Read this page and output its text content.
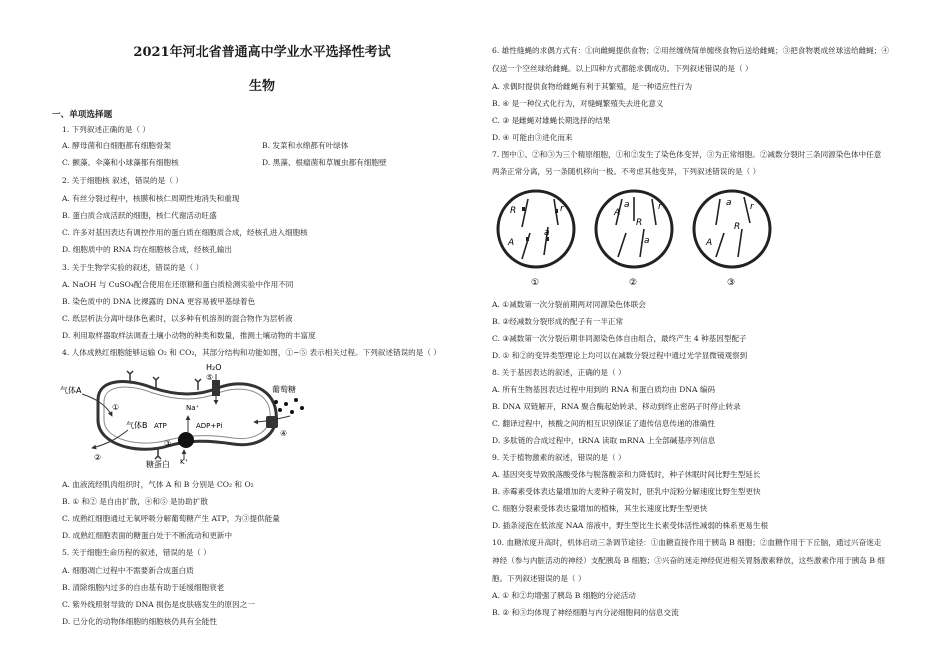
2021年河北省普通高中学业水平选择性考试
生物
一、单项选择题
1. 下列叙述正确的是（ ）
A. 酵母菌和白细胞都有细胞骨架	B. 发菜和水绵都有叶绿体
C. 颤藻、伞藻和小球藻都有细胞核	D. 黑藻、根瘤菌和草履虫都有细胞壁
2. 关于细胞核 叙述，错误的是（ ）
A. 有丝分裂过程中，核膜和核仁周期性地消失和重现
B. 蛋白质合成活跃的细胞，核仁代谢活动旺盛
C. 许多对基因表达有调控作用的蛋白质在细胞质合成，经核孔进入细胞核
D. 细胞质中的 RNA 均在细胞核合成，经核孔输出
3. 关于生物学实验的叙述，错误的是（ ）
A. NaOH 与 CuSO₄配合使用在还原糖和蛋白质检测实验中作用不同
B. 染色质中的 DNA 比裸露的 DNA 更容易被甲基绿着色
C. 纸层析法分离叶绿体色素时，以多种有机溶剂的混合物作为层析液
D. 利用取样器取样法调查土壤小动物的种类和数量，推测土壤动物的丰富度
4. 人体成熟红细胞能够运输 O₂ 和 CO₂，其部分结构和功能如图，①~⑤ 表示相关过程。下列叙述错误的是（ ）
糖蛋白
气体A
①
气体B
②
H₂O
⑤
Na⁺
ATP	ADP+Pi
③
K⁺
④
葡萄糖
A. 血液流经肌肉组织时，气体 A 和 B 分别是 CO₂ 和 O₂
B. ① 和② 是自由扩散，④和⑤ 是协助扩散
C. 成熟红细胞通过无氧呼吸分解葡萄糖产生 ATP，为③提供能量
D. 成熟红细胞表面的糖蛋白处于不断流动和更新中
5. 关于细胞生命历程的叙述，错误的是（ ）
A. 细胞凋亡过程中不需要新合成蛋白质
B. 清除细胞内过多的自由基有助于延缓细胞衰老
C. 紫外线照射导致的 DNA 损伤是皮肤癌发生的原因之一
D. 已分化的动物体细胞的细胞核仍具有全能性
6. 雄性缝蝇的求偶方式有：①向雌蝇提供食物；②用丝缠绕简单缠绕食物后送给雌蝇；③把食物裹成丝球送给雌蝇；④
仅送一个空丝球给雌蝇。以上四种方式都能求偶成功。下列叙述错误的是（ ）
A. 求偶时提供食物给雌蝇有利于其繁殖，是一种适应性行为
B. ④ 是一种仪式化行为，对缝蝇繁殖失去进化意义
C. ③ 是雌蝇对雄蝇长期选择的结果
D. ④ 可能由③进化而来
7. 图中①、②和③为三个精原细胞，①和②发生了染色体变异，③为正常细胞。②减数分裂时三条同源染色体中任意
两条正常分离，另一条随机移向一极。不考虑其他变异，下列叙述错误的是（ ）
R	r
a
A
①
a
A
R
r
a
②
a
R
r
A
③
A. ①减数第一次分裂前期两对同源染色体联会
B. ②经减数分裂形成的配子有一半正常
C. ③减数第一次分裂后期非同源染色体自由组合，最终产生 4 种基因型配子
D. ① 和②的变异类型理论上均可以在减数分裂过程中通过光学显微镜观察到
8. 关于基因表达的叙述，正确的是（ ）
A. 所有生物基因表达过程中用到的 RNA 和蛋白质均由 DNA 编码
B. DNA 双链解开，RNA 聚合酶起始转录、移动到终止密码子时停止转录
C. 翻译过程中，核酸之间的相互识别保证了遗传信息传递的准确性
D. 多肽链的合成过程中，tRNA 读取 mRNA 上全部碱基序列信息
9. 关于植物激素的叙述，错误的是（ ）
A. 基因突变导致脱落酸受体与脱落酸亲和力降低时，种子休眠时间比野生型延长
B. 赤霉素受体表达量增加的大麦种子萌发时，胚乳中淀粉分解速度比野生型更快
C. 细胞分裂素受体表达量增加的植株，其生长速度比野生型更快
D. 插条浸泡在低浓度 NAA 溶液中，野生型比生长素受体活性减弱的株系更易生根
10. 血糖浓度升高时，机体启动三条调节途径：①血糖直接作用于胰岛 B 细胞；②血糖作用于下丘脑，通过兴奋迷走
神经（参与内脏活动的神经）支配胰岛 B 细胞；③兴奋的迷走神经促进相关胃肠激素释放，这些激素作用于胰岛 B 细
胞。下列叙述错误的是（ ）
A. ① 和②均增强了胰岛 B 细胞的分泌活动
B. ② 和③均体现了神经细胞与内分泌细胞间的信息交流
